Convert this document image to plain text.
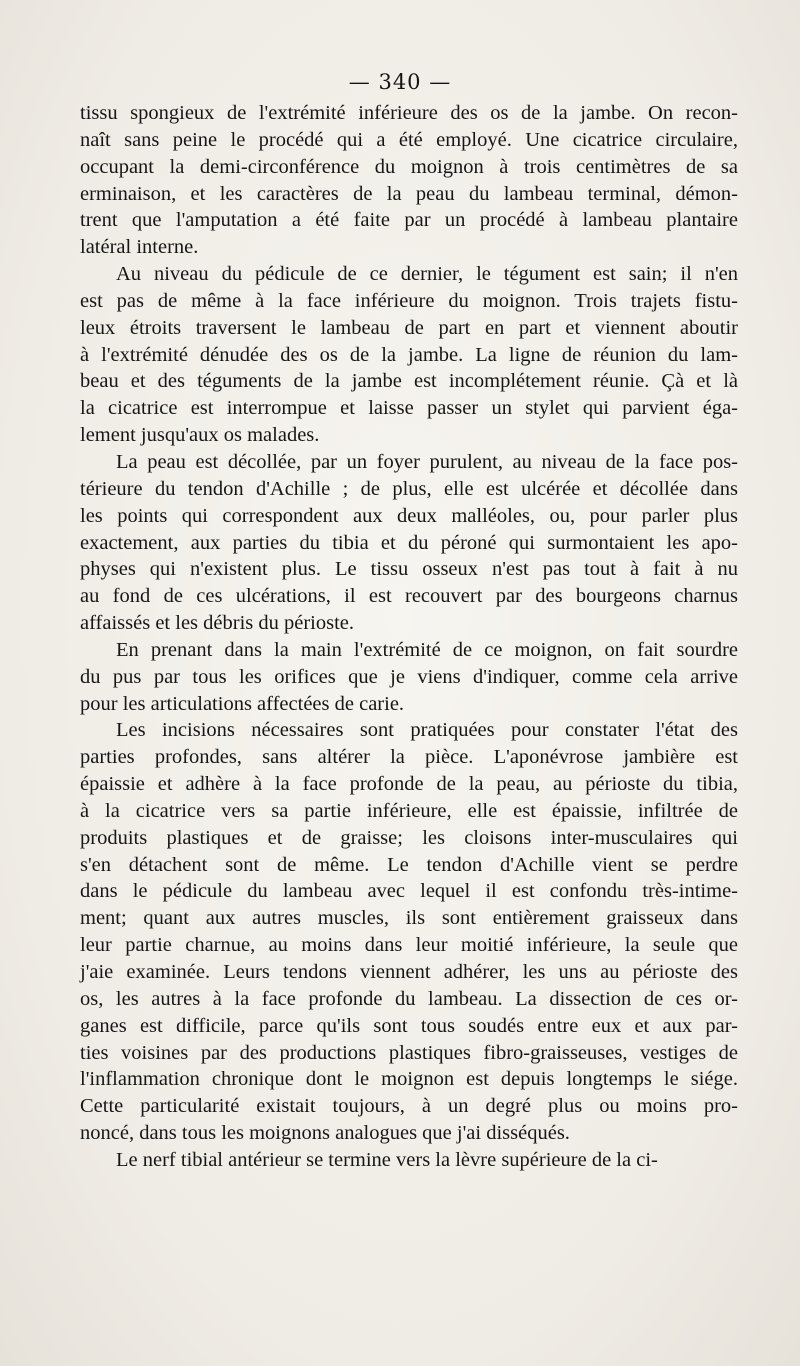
— 340 —
tissu spongieux de l'extrémité inférieure des os de la jambe. On recon-
naît sans peine le procédé qui a été employé. Une cicatrice circulaire,
occupant la demi-circonférence du moignon à trois centimètres de sa
erminaison, et les caractères de la peau du lambeau terminal, démon-
trent que l'amputation a été faite par un procédé à lambeau plantaire
latéral interne.
Au niveau du pédicule de ce dernier, le tégument est sain; il n'en
est pas de même à la face inférieure du moignon. Trois trajets fistu-
leux étroits traversent le lambeau de part en part et viennent aboutir
à l'extrémité dénudée des os de la jambe. La ligne de réunion du lam-
beau et des téguments de la jambe est incomplétement réunie. Çà et là
la cicatrice est interrompue et laisse passer un stylet qui parvient éga-
lement jusqu'aux os malades.
La peau est décollée, par un foyer purulent, au niveau de la face pos-
térieure du tendon d'Achille ; de plus, elle est ulcérée et décollée dans
les points qui correspondent aux deux malléoles, ou, pour parler plus
exactement, aux parties du tibia et du péroné qui surmontaient les apo-
physes qui n'existent plus. Le tissu osseux n'est pas tout à fait à nu
au fond de ces ulcérations, il est recouvert par des bourgeons charnus
affaissés et les débris du périoste.
En prenant dans la main l'extrémité de ce moignon, on fait sourdre
du pus par tous les orifices que je viens d'indiquer, comme cela arrive
pour les articulations affectées de carie.
Les incisions nécessaires sont pratiquées pour constater l'état des
parties profondes, sans altérer la pièce. L'aponévrose jambière est
épaissie et adhère à la face profonde de la peau, au périoste du tibia,
à la cicatrice vers sa partie inférieure, elle est épaissie, infiltrée de
produits plastiques et de graisse; les cloisons inter-musculaires qui
s'en détachent sont de même. Le tendon d'Achille vient se perdre
dans le pédicule du lambeau avec lequel il est confondu très-intime-
ment; quant aux autres muscles, ils sont entièrement graisseux dans
leur partie charnue, au moins dans leur moitié inférieure, la seule que
j'aie examinée. Leurs tendons viennent adhérer, les uns au périoste des
os, les autres à la face profonde du lambeau. La dissection de ces or-
ganes est difficile, parce qu'ils sont tous soudés entre eux et aux par-
ties voisines par des productions plastiques fibro-graisseuses, vestiges de
l'inflammation chronique dont le moignon est depuis longtemps le siége.
Cette particularité existait toujours, à un degré plus ou moins pro-
noncé, dans tous les moignons analogues que j'ai disséqués.
Le nerf tibial antérieur se termine vers la lèvre supérieure de la ci-
